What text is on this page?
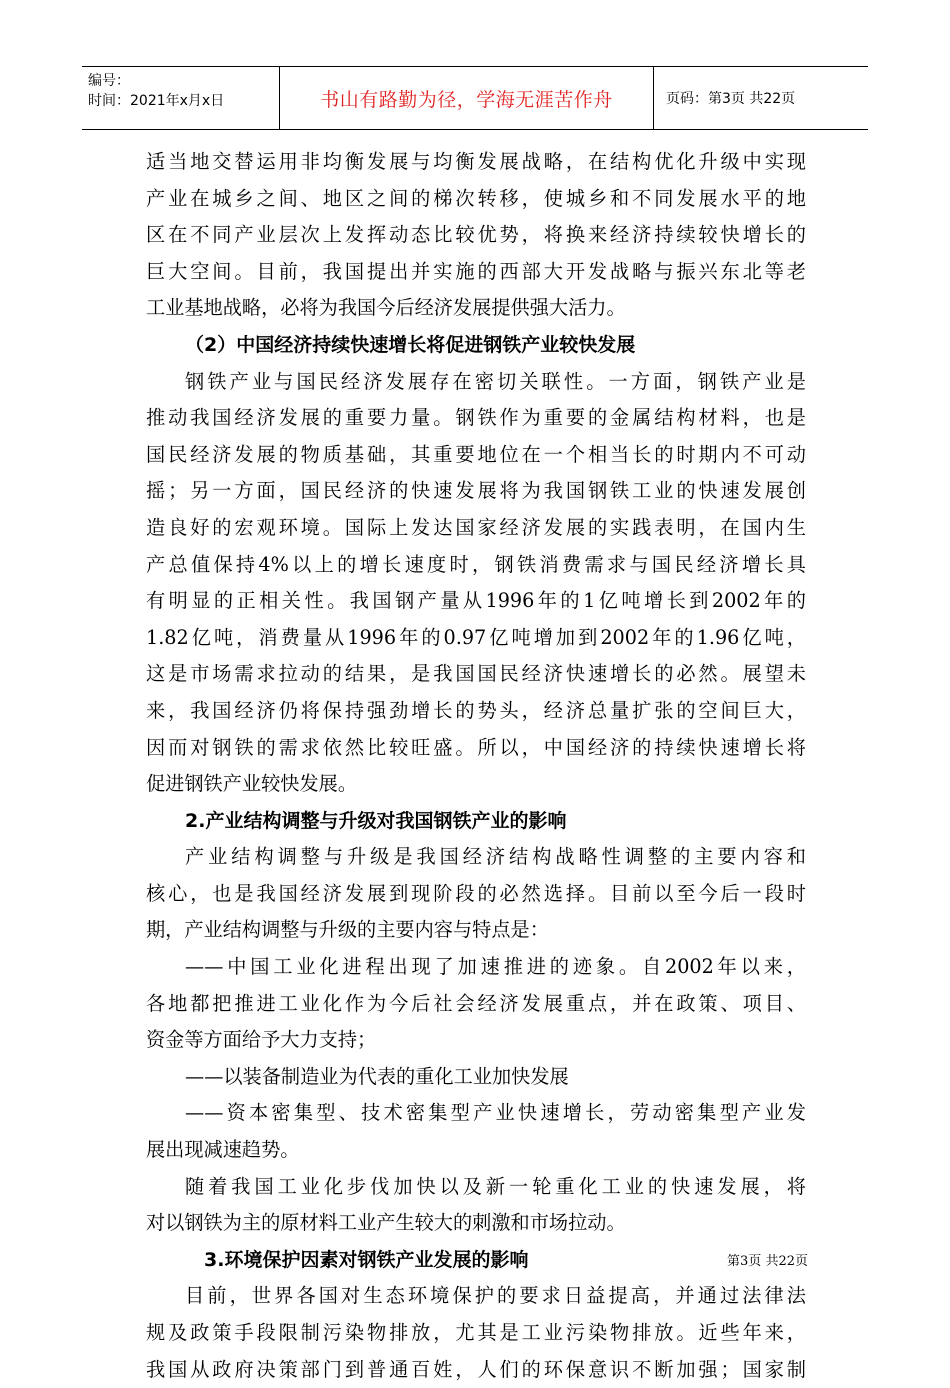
编号：
时间：2021年x月x日	书山有路勤为径，学海无涯苦作舟	页码：第3页 共22页
适当地交替运用非均衡发展与均衡发展战略，在结构优化升级中实现
产业在城乡之间、地区之间的梯次转移，使城乡和不同发展水平的地
区在不同产业层次上发挥动态比较优势，将换来经济持续较快增长的
巨大空间。目前，我国提出并实施的西部大开发战略与振兴东北等老
工业基地战略，必将为我国今后经济发展提供强大活力。
（2）中国经济持续快速增长将促进钢铁产业较快发展
钢铁产业与国民经济发展存在密切关联性。一方面，钢铁产业是
推动我国经济发展的重要力量。钢铁作为重要的金属结构材料，也是
国民经济发展的物质基础，其重要地位在一个相当长的时期内不可动
摇；另一方面，国民经济的快速发展将为我国钢铁工业的快速发展创
造良好的宏观环境。国际上发达国家经济发展的实践表明，在国内生
产总值保持4%以上的增长速度时，钢铁消费需求与国民经济增长具
有明显的正相关性。我国钢产量从1996年的1亿吨增长到2002年的
1.82亿吨，消费量从1996年的0.97亿吨增加到2002年的1.96亿吨，
这是市场需求拉动的结果，是我国国民经济快速增长的必然。展望未
来，我国经济仍将保持强劲增长的势头，经济总量扩张的空间巨大，
因而对钢铁的需求依然比较旺盛。所以，中国经济的持续快速增长将
促进钢铁产业较快发展。
2.产业结构调整与升级对我国钢铁产业的影响
产业结构调整与升级是我国经济结构战略性调整的主要内容和
核心，也是我国经济发展到现阶段的必然选择。目前以至今后一段时
期，产业结构调整与升级的主要内容与特点是：
——中国工业化进程出现了加速推进的迹象。自2002年以来，
各地都把推进工业化作为今后社会经济发展重点，并在政策、项目、
资金等方面给予大力支持；
——以装备制造业为代表的重化工业加快发展
——资本密集型、技术密集型产业快速增长，劳动密集型产业发
展出现减速趋势。
随着我国工业化步伐加快以及新一轮重化工业的快速发展，将
对以钢铁为主的原材料工业产生较大的刺激和市场拉动。
3.环境保护因素对钢铁产业发展的影响
目前，世界各国对生态环境保护的要求日益提高，并通过法律法
规及政策手段限制污染物排放，尤其是工业污染物排放。近些年来，
我国从政府决策部门到普通百姓，人们的环保意识不断加强；国家制
第3页 共22页
